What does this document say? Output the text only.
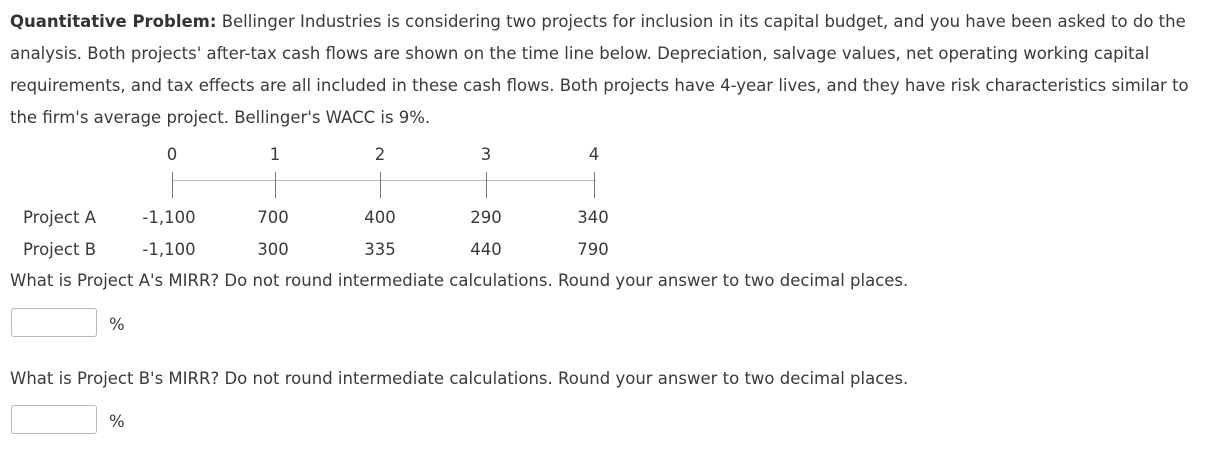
Quantitative Problem: Bellinger Industries is considering two projects for inclusion in its capital budget, and you have been asked to do the analysis. Both projects' after-tax cash flows are shown on the time line below. Depreciation, salvage values, net operating working capital requirements, and tax effects are all included in these cash flows. Both projects have 4-year lives, and they have risk characteristics similar to the firm's average project. Bellinger's WACC is 9%.

0	1	2	3	4
Project A	-1,100	700	400	290	340
Project B	-1,100	300	335	440	790
What is Project A's MIRR? Do not round intermediate calculations. Round your answer to two decimal places.
%
What is Project B's MIRR? Do not round intermediate calculations. Round your answer to two decimal places.
%
